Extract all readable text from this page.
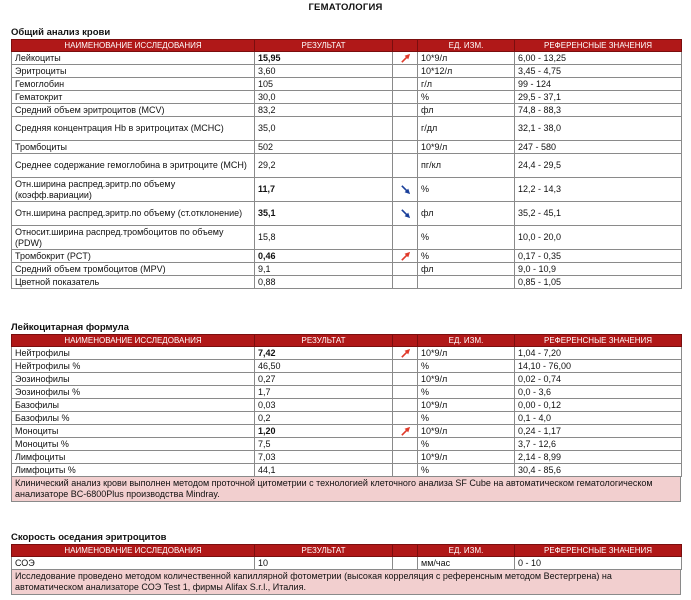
ГЕМАТОЛОГИЯ
Общий анализ крови
НАИМЕНОВАНИЕ ИССЛЕДОВАНИЯ	РЕЗУЛЬТАТ		ЕД. ИЗМ.	РЕФЕРЕНСНЫЕ ЗНАЧЕНИЯ
Лейкоциты	15,95		10*9/л	6,00 - 13,25
Эритроциты	3,60		10*12/л	3,45 - 4,75
Гемоглобин	105		г/л	99 - 124
Гематокрит	30,0		%	29,5 - 37,1
Средний объем эритроцитов (MCV)	83,2		фл	74,8 - 88,3
Средняя концентрация Hb в эритроцитах (MCHC)	35,0		г/дл	32,1 - 38,0
Тромбоциты	502		10*9/л	247 - 580
Среднее содержание гемоглобина в эритроците (MCH)	29,2		пг/кл	24,4 - 29,5
Отн.ширина распред.эритр.по объему (коэфф.вариации)	11,7		%	12,2 - 14,3
Отн.ширина распред.эритр.по объему (ст.отклонение)	35,1		фл	35,2 - 45,1
Относит.ширина распред.тромбоцитов по объему (PDW)	15,8		%	10,0 - 20,0
Тромбокрит (PCT)	0,46		%	0,17 - 0,35
Средний объем тромбоцитов (MPV)	9,1		фл	9,0 - 10,9
Цветной показатель	0,88			0,85 - 1,05
Лейкоцитарная формула
НАИМЕНОВАНИЕ ИССЛЕДОВАНИЯ	РЕЗУЛЬТАТ		ЕД. ИЗМ.	РЕФЕРЕНСНЫЕ ЗНАЧЕНИЯ
Нейтрофилы	7,42		10*9/л	1,04 - 7,20
Нейтрофилы %	46,50		%	14,10 - 76,00
Эозинофилы	0,27		10*9/л	0,02 - 0,74
Эозинофилы %	1,7		%	0,0 - 3,6
Базофилы	0,03		10*9/л	0,00 - 0,12
Базофилы %	0,2		%	0,1 - 4,0
Моноциты	1,20		10*9/л	0,24 - 1,17
Моноциты %	7,5		%	3,7 - 12,6
Лимфоциты	7,03		10*9/л	2,14 - 8,99
Лимфоциты %	44,1		%	30,4 - 85,6
Клинический анализ крови выполнен методом проточной цитометрии с технологией клеточного анализа SF Cube на автоматическом гематологическом анализаторе BC-6800Plus производства Mindray.
Скорость оседания эритроцитов
НАИМЕНОВАНИЕ ИССЛЕДОВАНИЯ	РЕЗУЛЬТАТ		ЕД. ИЗМ.	РЕФЕРЕНСНЫЕ ЗНАЧЕНИЯ
СОЭ	10		мм/час	0 - 10
Исследование проведено методом количественной капиллярной фотометрии (высокая корреляция с референсным методом Вестергрена) на автоматическом анализаторе СОЭ Test 1, фирмы Alifax S.r.l., Италия.
